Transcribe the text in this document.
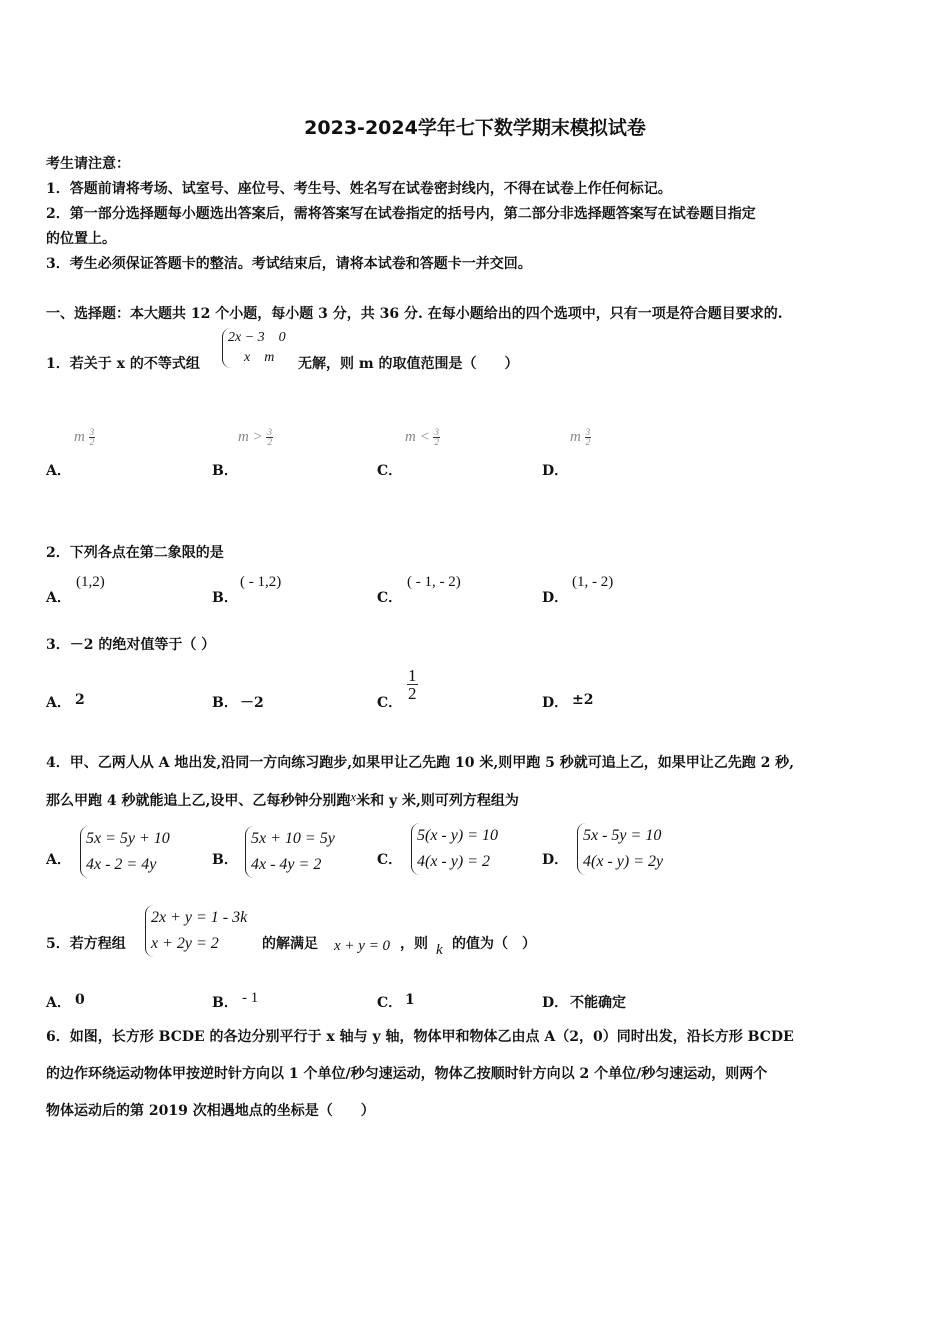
2023-2024学年七下数学期末模拟试卷
考生请注意：
1．答题前请将考场、试室号、座位号、考生号、姓名写在试卷密封线内，不得在试卷上作任何标记。
2．第一部分选择题每小题选出答案后，需将答案写在试卷指定的括号内，第二部分非选择题答案写在试卷题目指定
的位置上。
3．考生必须保证答题卡的整洁。考试结束后，请将本试卷和答题卡一并交回。
一、选择题：本大题共 12 个小题，每小题 3 分，共 36 分. 在每小题给出的四个选项中，只有一项是符合题目要求的.
1．若关于 x 的不等式组
2x − 3　0
x　m	无解，则 m 的取值范围是（　　）
m $\frac{3}{2}$
A．
$m > \frac{3}{2}$
B．
$m < \frac{3}{2}$
C．
m $\frac{3}{2}$
D．
2．下列各点在第二象限的是
A．
(1,2)
B．
( - 1,2)
C．
( - 1, - 2)
D．
(1, - 2)
3．－2 的绝对值等于（ ）
A． 2	B． －2	C．
$\frac{1}{2}$
D． ±2
4．甲、乙两人从 A 地出发,沿同一方向练习跑步,如果甲让乙先跑 10 米,则甲跑 5 秒就可追上乙，如果甲让乙先跑 2 秒,
那么甲跑 4 秒就能追上乙,设甲、乙每秒钟分别跑x米和 y 米,则可列方程组为
A．
5x = 5y + 10
4x - 2 = 4y	B．
5x + 10 = 5y
4x - 4y = 2	C．
5(x - y) = 10
4(x - y) = 2	D．
5x - 5y = 10
4(x - y) = 2y
5．若方程组
2x + y = 1 - 3k
x + 2y = 2	的解满足 x + y = 0 ，则 k 的值为（　）
A． 0	B． - 1	C． 1	D． 不能确定
6．如图，长方形 BCDE 的各边分别平行于 x 轴与 y 轴，物体甲和物体乙由点 A（2，0）同时出发，沿长方形 BCDE
的边作环绕运动物体甲按逆时针方向以 1 个单位/秒匀速运动，物体乙按顺时针方向以 2 个单位/秒匀速运动，则两个
物体运动后的第 2019 次相遇地点的坐标是（　　）
